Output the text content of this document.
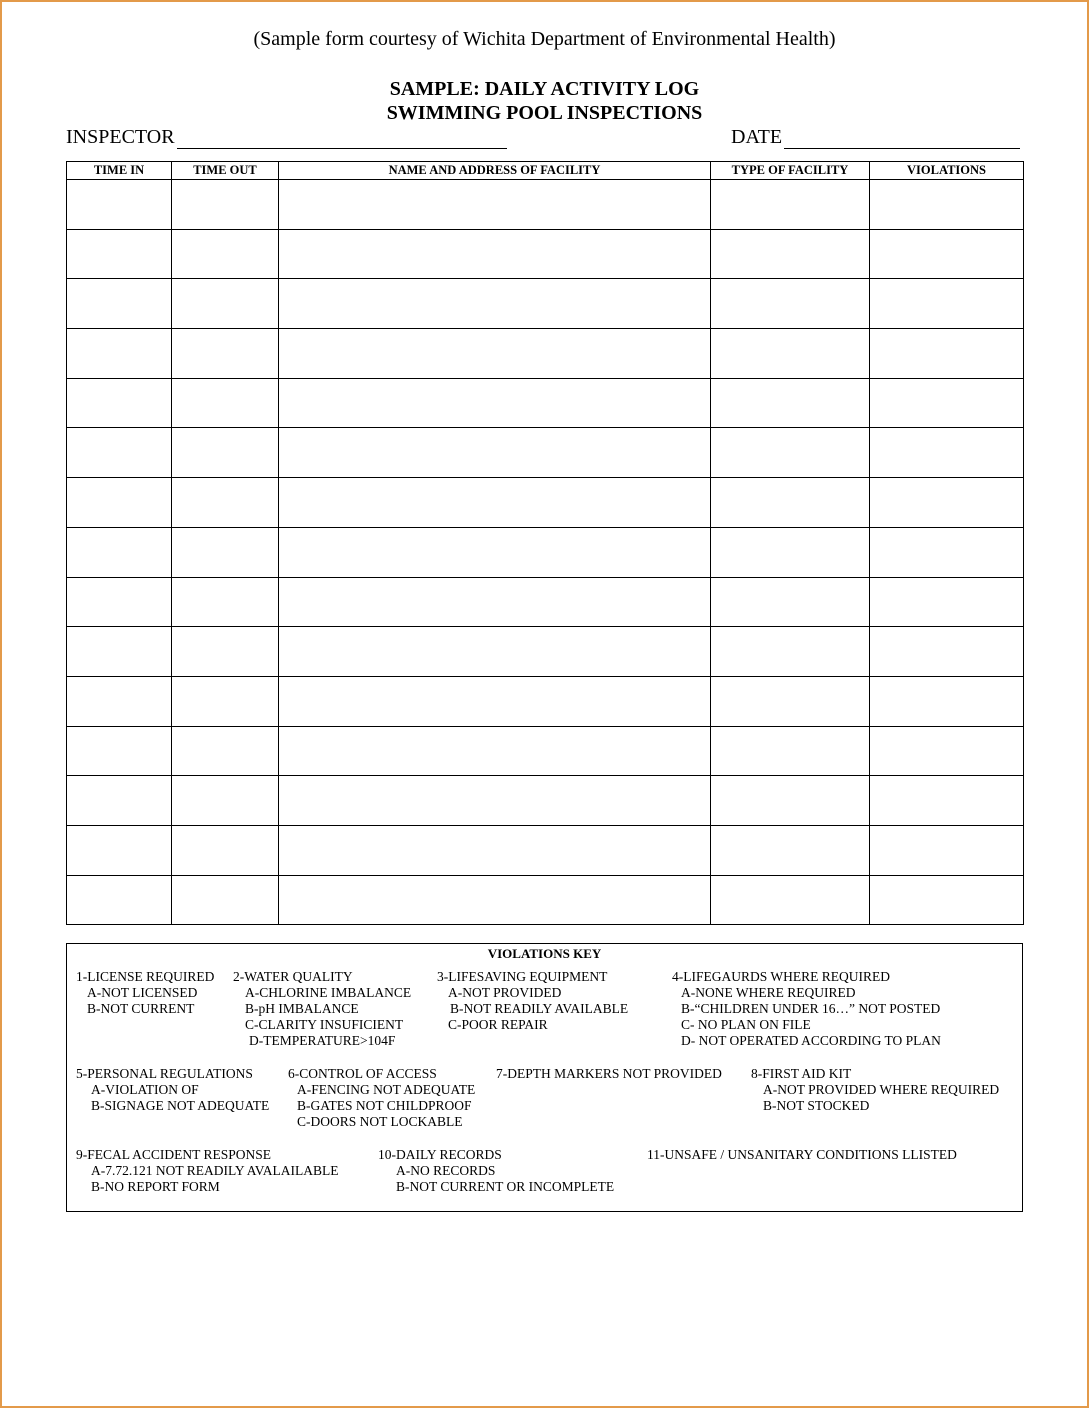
(Sample form courtesy of Wichita Department of Environmental Health)
SAMPLE: DAILY ACTIVITY LOG
SWIMMING POOL INSPECTIONS
INSPECTOR	DATE
TIME IN	TIME OUT	NAME AND ADDRESS OF FACILITY	TYPE OF FACILITY	VIOLATIONS

VIOLATIONS KEY
1-LICENSE REQUIRED
A-NOT LICENSED
B-NOT CURRENT
2-WATER QUALITY
A-CHLORINE IMBALANCE
B-pH IMBALANCE
C-CLARITY INSUFICIENT
D-TEMPERATURE>104F
3-LIFESAVING EQUIPMENT
A-NOT PROVIDED
B-NOT READILY AVAILABLE
C-POOR REPAIR
4-LIFEGAURDS WHERE REQUIRED
A-NONE WHERE REQUIRED
B-“CHILDREN UNDER 16…” NOT POSTED
C- NO PLAN ON FILE
D- NOT OPERATED ACCORDING TO PLAN
5-PERSONAL REGULATIONS
A-VIOLATION OF
B-SIGNAGE NOT ADEQUATE
6-CONTROL OF ACCESS
A-FENCING NOT ADEQUATE
B-GATES NOT CHILDPROOF
C-DOORS NOT LOCKABLE
7-DEPTH MARKERS NOT PROVIDED 8-FIRST AID KIT
A-NOT PROVIDED WHERE REQUIRED
B-NOT STOCKED
9-FECAL ACCIDENT RESPONSE
A-7.72.121 NOT READILY AVALAILABLE
B-NO REPORT FORM
10-DAILY RECORDS
A-NO RECORDS
B-NOT CURRENT OR INCOMPLETE
11-UNSAFE / UNSANITARY CONDITIONS LLISTED
